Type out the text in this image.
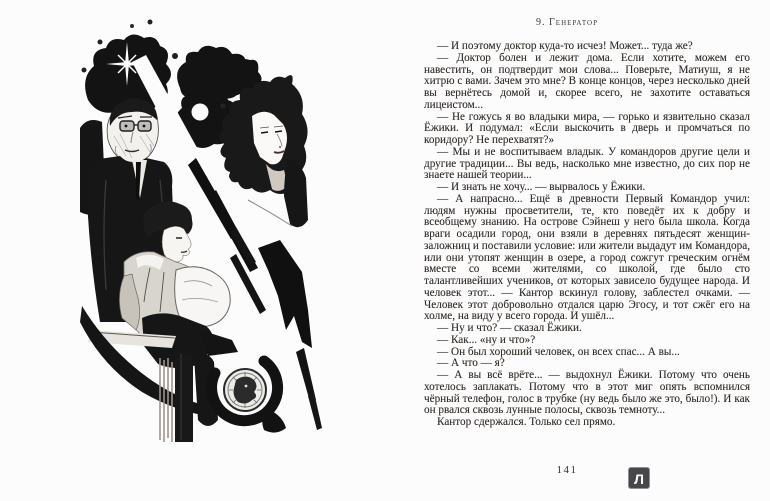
9. Генератор

— И поэтому доктор куда-то исчез! Может... туда же?

— Доктор болен и лежит дома. Если хотите, можем его навестить, он подтвердит мои слова... Поверьте, Матиуш, я не хитрю с вами. Зачем это мне? В конце концов, через несколько дней вы вернётесь домой и, скорее всего, не захотите оставаться лицеистом...

— Не гожусь я во владыки мира, — горько и язвительно сказал Ёжики. И подумал: «Если выскочить в дверь и промчаться по коридору? Не перехватят?»

— Мы и не воспитываем владык. У командоров другие цели и другие традиции... Вы ведь, насколько мне известно, до сих пор не знаете нашей теории...

— И знать не хочу... — вырвалось у Ёжики.

— А напрасно... Ещё в древности Первый Командор учил: людям нужны просветители, те, кто поведёт их к добру и всеобщему знанию. На острове Сэйнеш у него была школа. Когда враги осадили город, они взяли в деревнях пятьдесят женщин-заложниц и поставили условие: или жители выдадут им Командора, или они утопят женщин в озере, а город сожгут греческим огнём вместе со всеми жителями, со школой, где было сто талантливейших учеников, от которых зависело будущее народа. И человек этот... — Кантор вскинул голову, заблестел очками. — Человек этот добровольно отдался царю Эгосу, и тот сжёг его на холме, на виду у всего города. И ушёл...

— Ну и что? — сказал Ёжики.

— Как... «ну и что»?

— Он был хороший человек, он всех спас... А вы...

— А что — я?

— А вы всё врёте... — выдохнул Ёжики. Потому что очень хотелось заплакать. Потому что в этот миг опять вспомнился чёрный телефон, голос в трубке (ну ведь было же это, было!). И как он рвался сквозь лунные полосы, сквозь темноту...

Кантор сдержался. Только сел прямо.

141
Л
